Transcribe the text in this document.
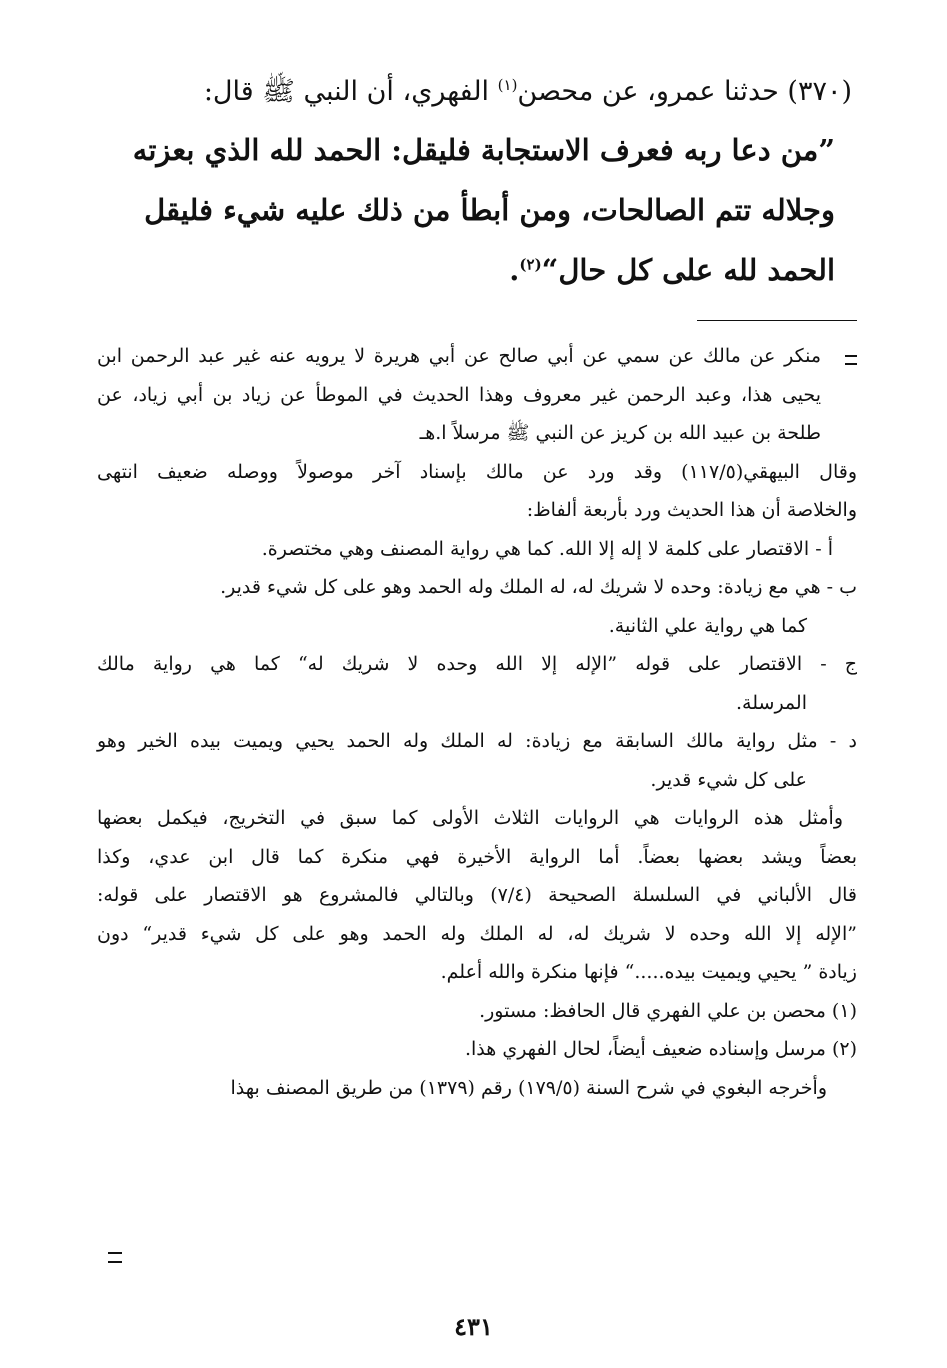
(٣٧٠) حدثنا عمرو، عن محصن$^{(١)}$ الفهري، أن النبي ﷺ قال:
”من دعا ربه فعرف الاستجابة فليقل: الحمد لله الذي بعزته
وجلاله تتم الصالحات، ومن أبطأ من ذلك عليه شيء فليقل
الحمد لله على كل حال“$^{(٢)}$.
منكر عن مالك عن سمي عن أبي صالح عن أبي هريرة لا يرويه عنه غير عبد الرحمن ابن
يحيى هذا، وعبد الرحمن غير معروف وهذا الحديث في الموطأ عن زياد بن أبي زياد، عن
طلحة بن عبيد الله بن كريز عن النبي ﷺ مرسلاً ا.هـ
وقال البيهقي(١١٧/٥) وقد ورد عن مالك بإسناد آخر موصولاً ووصله ضعيف انتهى
والخلاصة أن هذا الحديث ورد بأربعة ألفاظ:
أ - الاقتصار على كلمة لا إله إلا الله. كما هي رواية المصنف وهي مختصرة.
ب - هي مع زيادة: وحده لا شريك له، له الملك وله الحمد وهو على كل شيء قدير.
كما هي رواية علي الثانية.
ج - الاقتصار على قوله ”الإله إلا الله وحده لا شريك له“ كما هي رواية مالك
المرسلة.
د - مثل رواية مالك السابقة مع زيادة: له الملك وله الحمد يحيي ويميت بيده الخير وهو
على كل شيء قدير.
وأمثل هذه الروايات هي الروايات الثلاث الأولى كما سبق في التخريج، فيكمل بعضها
بعضاً ويشد بعضها بعضاً. أما الرواية الأخيرة فهي منكرة كما قال ابن عدي، وكذا
قال الألباني في السلسلة الصحيحة (٧/٤) وبالتالي فالمشروع هو الاقتصار على قوله:
”الإله إلا الله وحده لا شريك له، له الملك وله الحمد وهو على كل شيء قدير“ دون
زيادة ” يحيي ويميت بيده.....“ فإنها منكرة والله أعلم.
(١) محصن بن علي الفهري قال الحافظ: مستور.
(٢) مرسل وإسناده ضعيف أيضاً، لحال الفهري هذا.
وأخرجه البغوي في شرح السنة (١٧٩/٥) رقم (١٣٧٩) من طريق المصنف بهذا
٤٣١
